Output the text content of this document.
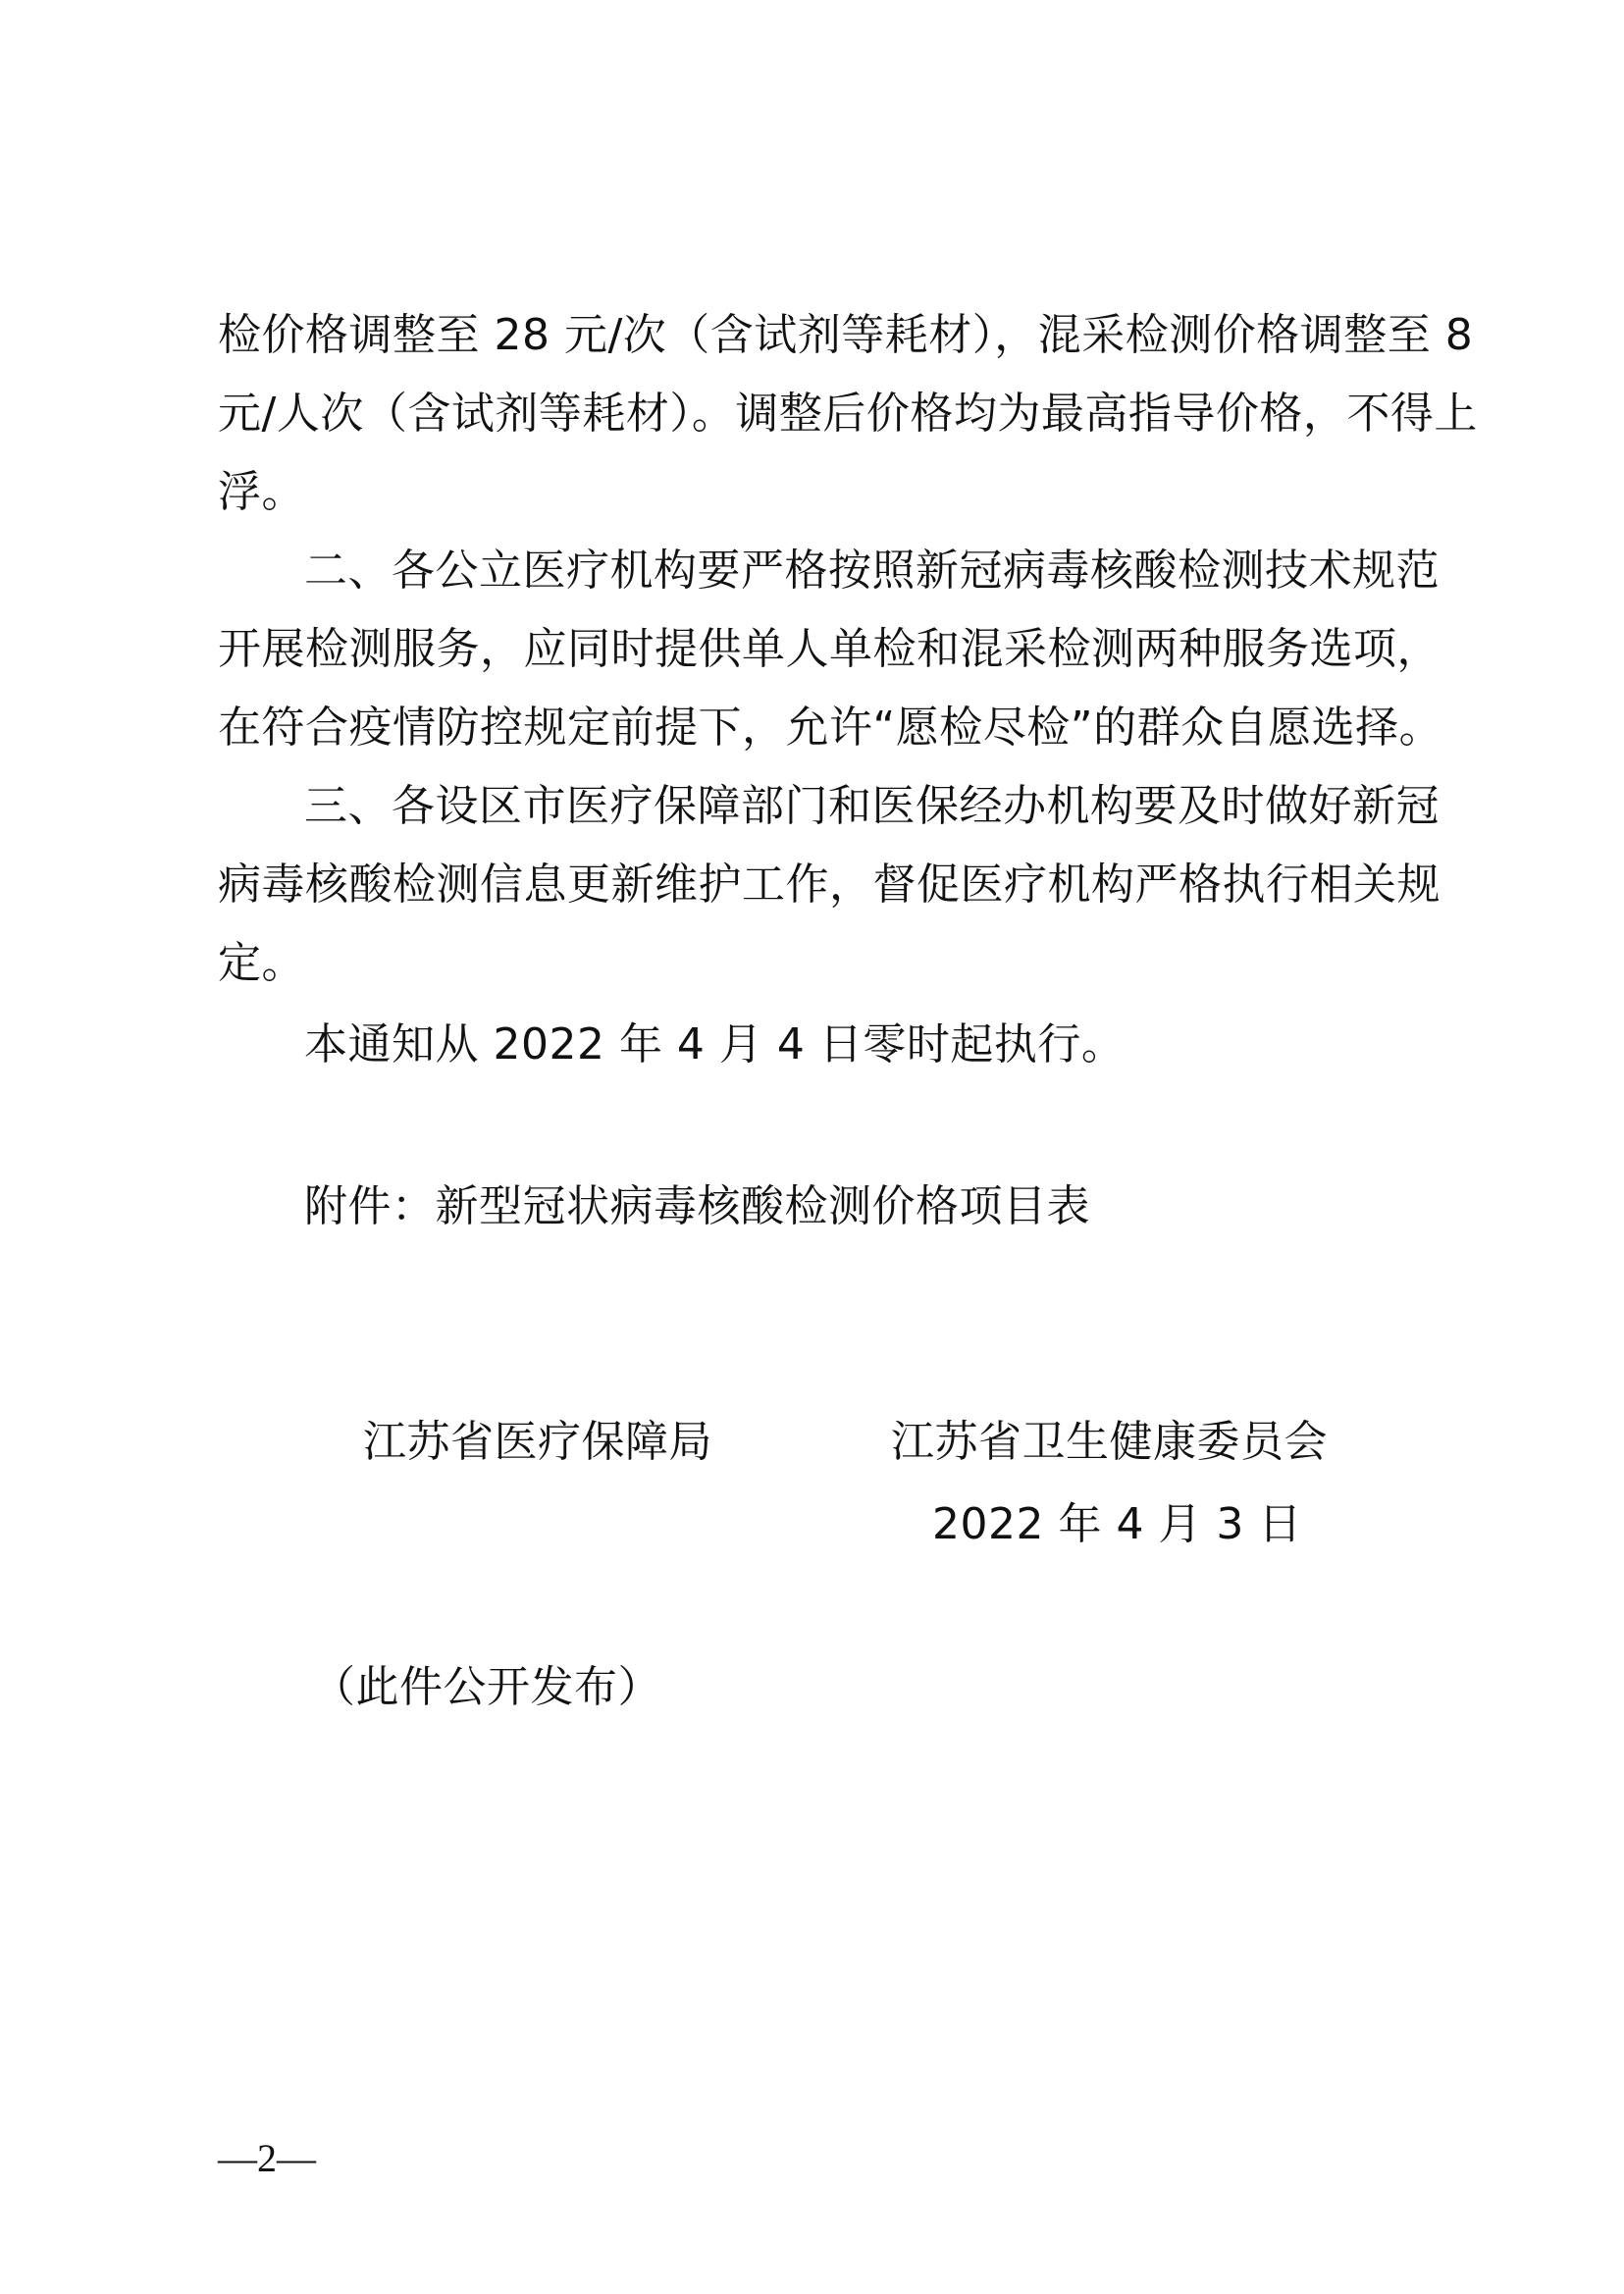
检价格调整至 28 元/次（含试剂等耗材），混采检测价格调整至 8
元/人次（含试剂等耗材）。调整后价格均为最高指导价格，不得上
浮。
二、各公立医疗机构要严格按照新冠病毒核酸检测技术规范
开展检测服务，应同时提供单人单检和混采检测两种服务选项，
在符合疫情防控规定前提下，允许“愿检尽检”的群众自愿选择。
三、各设区市医疗保障部门和医保经办机构要及时做好新冠
病毒核酸检测信息更新维护工作，督促医疗机构严格执行相关规
定。
本通知从 2022 年 4 月 4 日零时起执行。
附件：新型冠状病毒核酸检测价格项目表
江苏省医疗保障局	江苏省卫生健康委员会
2022 年 4 月 3 日
（此件公开发布）
—2—
